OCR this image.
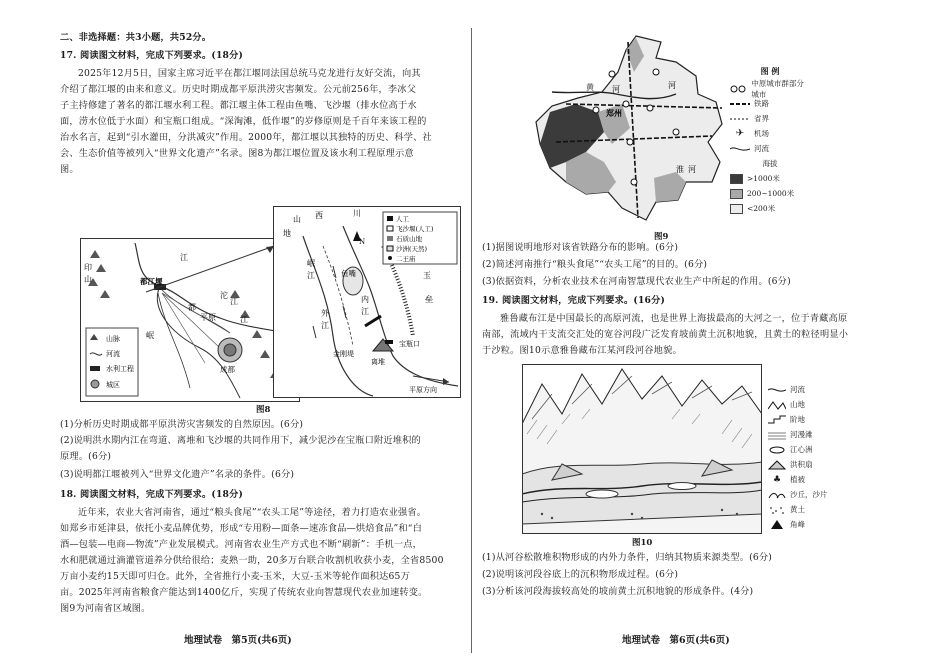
二、非选择题：共3小题，共52分。
17. 阅读图文材料，完成下列要求。(18分)
2025年12月5日，国家主席习近平在都江堰同法国总统马克龙进行友好交流，向其
介绍了都江堰的由来和意义。历史时期成都平原洪涝灾害频发。公元前256年，李冰父
子主持修建了著名的都江堰水利工程。都江堰主体工程由鱼嘴、飞沙堰（排水位高于水
面，涝水位低于水面）和宝瓶口组成。“深淘滩，低作堰”的岁修原则是千百年来该工程的
治水名言，起到“引水灌田，分洪减灾”作用。2000年，都江堰以其独特的历史、科学、社
会、生态价值等被列入“世界文化遗产”名录。图8为都江堰位置及该水利工程原理示意
图。
山脉
河流
水利工程
城区
印
山	都江堰
江
都
平原	江
成都
岷
沱
江
N
人工
飞沙堰(人工)
石质山地
沙洲(天然)
二王庙
山 西	川
地
岷
江	鱼嘴	玉
垒
内
江
外
江
金刚堤
宝瓶口
离堆
平原方向
图8
(1)分析历史时期成都平原洪涝灾害频发的自然原因。(6分)
(2)说明洪水期内江在弯道、离堆和飞沙堰的共同作用下，减少泥沙在宝瓶口附近堆积的
原理。(6分)
(3)说明都江堰被列入“世界文化遗产”名录的条件。(6分)
18. 阅读图文材料，完成下列要求。(18分)
近年来，农业大省河南省，通过“粮头食尾”“农头工尾”等途径，着力打造农业强省。
如郑乡市延津县，依托小麦品牌优势，形成“专用粉—面条—速冻食品—烘焙食品”和“白
酒—包装—电商—物流”产业发展模式。河南省农业生产方式也不断“刷新”：手机一点，
水和肥就通过滴灌管道养分供给很给；麦熟一助，20多万台联合收割机收获小麦，全省8500
万亩小麦约15天即可归仓。此外，全省推行小麦-玉米，大豆-玉米等轮作面积达65万
亩。2025年河南省粮食产能达到1400亿斤，实现了传统农业向智慧现代农业加速转变。
图9为河南省区域图。
地理试卷　第5页(共6页)
河
黄
郑州
河
淮 河
图9
图 例
中原城市群部分城市
铁路
省界
✈	机场
河流
海拔
>1000米
200~1000米
<200米
(1)据图说明地形对该省铁路分布的影响。(6分)
(2)简述河南推行“粮头食尾”“农头工尾”的目的。(6分)
(3)依据资料，分析农业技术在河南智慧现代农业生产中所起的作用。(6分)
19. 阅读图文材料，完成下列要求。(16分)
雅鲁藏布江是中国最长的高原河流，也是世界上海拔最高的大河之一，位于青藏高原
南部，流域内干支流交汇处的宽谷河段广泛发育坡前黄土沉积地貌，且黄土的粒径明显小
于沙粒。图10示意雅鲁藏布江某河段河谷地貌。
图10
河流
山地
阶地
河漫滩
江心洲
洪积扇
♣	植被
沙丘，沙片
黄土
角峰
(1)从河谷松散堆积物形成的内外力条件，归纳其物质来源类型。(6分)
(2)说明该河段谷底上的沉积物形成过程。(6分)
(3)分析该河段海拔较高处的坡前黄土沉积地貌的形成条件。(4分)
地理试卷　第6页(共6页)
